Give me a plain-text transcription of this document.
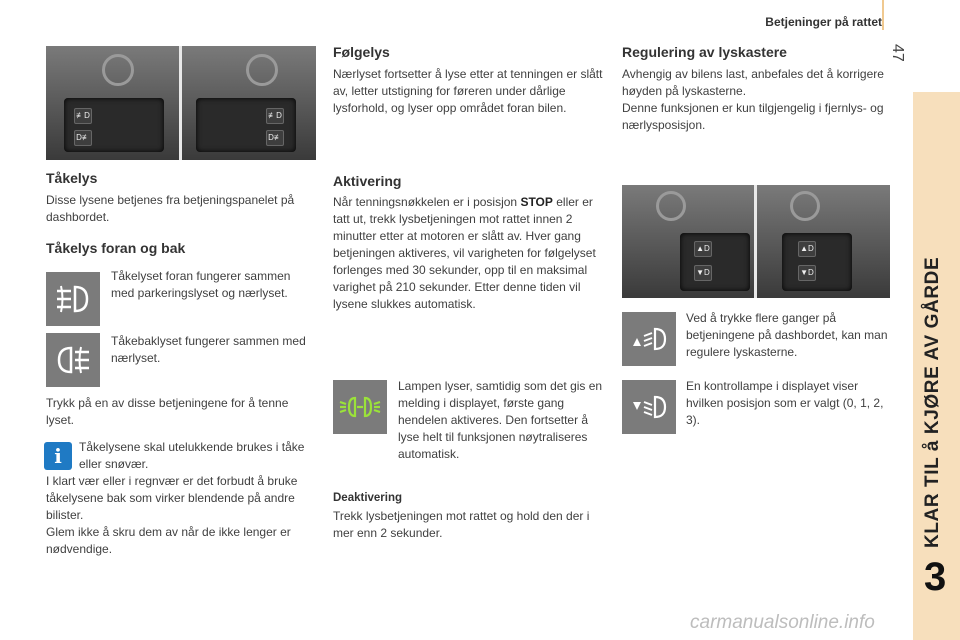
Betjeninger på rattet
47
KLAR TIL å KJØRE AV GÅRDE
3
≢D
D≢
≢D
D≢
Tåkelys

Disse lysene betjenes fra betjeningspanelet på dashbordet.

Tåkelys foran og bak

Tåkelyset foran fungerer sammen med parkeringslyset og nærlyset.

Tåkebaklyset fungerer sammen med nærlyset.

Trykk på en av disse betjeningene for å tenne lyset.

i	Tåkelysene skal utelukkende brukes i tåke eller snøvær.

I klart vær eller i regnvær er det forbudt å bruke tåkelysene bak som virker blendende på andre bilister.

Glem ikke å skru dem av når de ikke lenger er nødvendige.

Følgelys

Nærlyset fortsetter å lyse etter at tenningen er slått av, letter utstigning for føreren under dårlige lysforhold, og lyser opp området foran bilen.

Aktivering

Når tenningsnøkkelen er i posisjon STOP eller er tatt ut, trekk lysbetjeningen mot rattet innen 2 minutter etter at motoren er slått av. Hver gang betjeningen aktiveres, vil varigheten for følgelyset forlenges med 30 sekunder, opp til en maksimal varighet på 210 sekunder. Etter denne tiden vil lysene slukkes automatisk.

Lampen lyser, samtidig som det gis en melding i displayet, første gang hendelen aktiveres. Den fortsetter å lyse helt til funksjonen nøytraliseres automatisk.

Deaktivering

Trekk lysbetjeningen mot rattet og hold den der i mer enn 2 sekunder.

Regulering av lyskastere

Avhengig av bilens last, anbefales det å korrigere høyden på lyskasterne.

Denne funksjonen er kun tilgjengelig i fjernlys- og nærlysposisjon.

▲D
▼D
▲D
▼D

Ved å trykke flere ganger på betjeningene på dashbordet, kan man regulere lyskasterne.

En kontrollampe i displayet viser hvilken posisjon som er valgt (0, 1, 2, 3).

carmanualsonline.info
